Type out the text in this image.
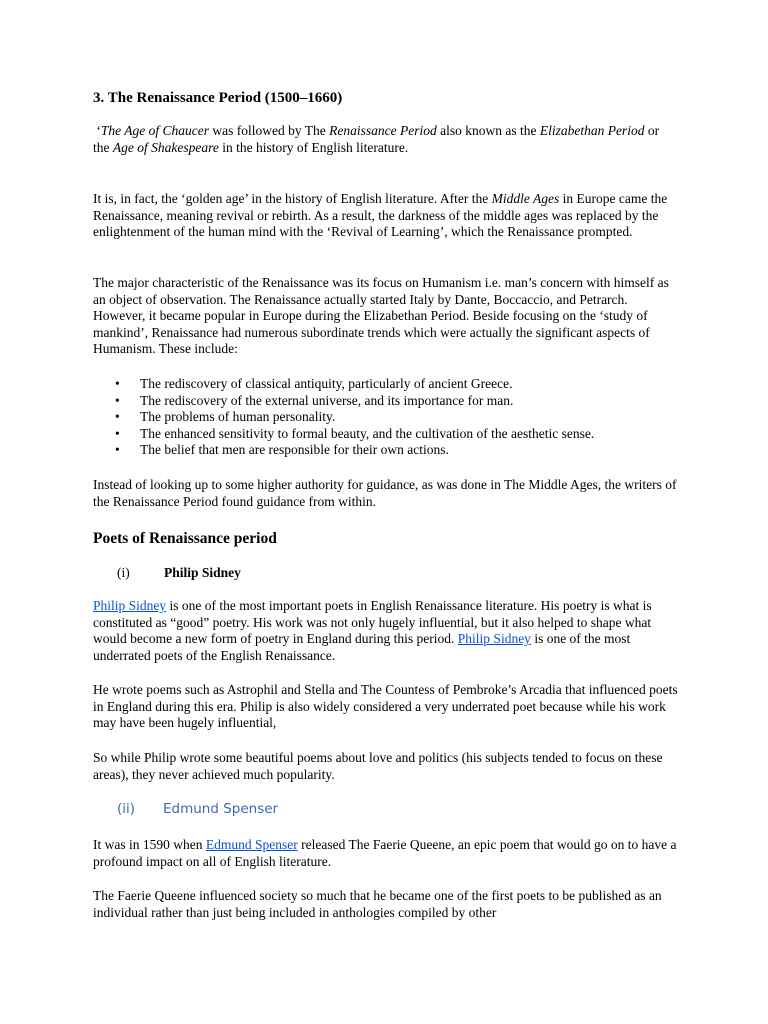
3. The Renaissance Period (1500–1660)

‘The Age of Chaucer was followed by The Renaissance Period also known as the Elizabethan Period or the Age of Shakespeare in the history of English literature.

It is, in fact, the ‘golden age’ in the history of English literature. After the Middle Ages in Europe came the Renaissance, meaning revival or rebirth. As a result, the darkness of the middle ages was replaced by the enlightenment of the human mind with the ‘Revival of Learning’, which the Renaissance prompted.

The major characteristic of the Renaissance was its focus on Humanism i.e. man’s concern with himself as an object of observation. The Renaissance actually started Italy by Dante, Boccaccio, and Petrarch. However, it became popular in Europe during the Elizabethan Period. Beside focusing on the ‘study of mankind’, Renaissance had numerous subordinate trends which were actually the significant aspects of Humanism. These include:

• The rediscovery of classical antiquity, particularly of ancient Greece.
• The rediscovery of the external universe, and its importance for man.
• The problems of human personality.
• The enhanced sensitivity to formal beauty, and the cultivation of the aesthetic sense.
• The belief that men are responsible for their own actions.

Instead of looking up to some higher authority for guidance, as was done in The Middle Ages, the writers of the Renaissance Period found guidance from within.

Poets of Renaissance period
(i)	Philip Sidney

Philip Sidney is one of the most important poets in English Renaissance literature. His poetry is what is constituted as “good” poetry. His work was not only hugely influential, but it also helped to shape what would become a new form of poetry in England during this period. Philip Sidney is one of the most underrated poets of the English Renaissance.

He wrote poems such as Astrophil and Stella and The Countess of Pembroke’s Arcadia that influenced poets in England during this era. Philip is also widely considered a very underrated poet because while his work may have been hugely influential,

So while Philip wrote some beautiful poems about love and politics (his subjects tended to focus on these areas), they never achieved much popularity.

(ii) Edmund Spenser

It was in 1590 when Edmund Spenser released The Faerie Queene, an epic poem that would go on to have a profound impact on all of English literature.

The Faerie Queene influenced society so much that he became one of the first poets to be published as an individual rather than just being included in anthologies compiled by other
